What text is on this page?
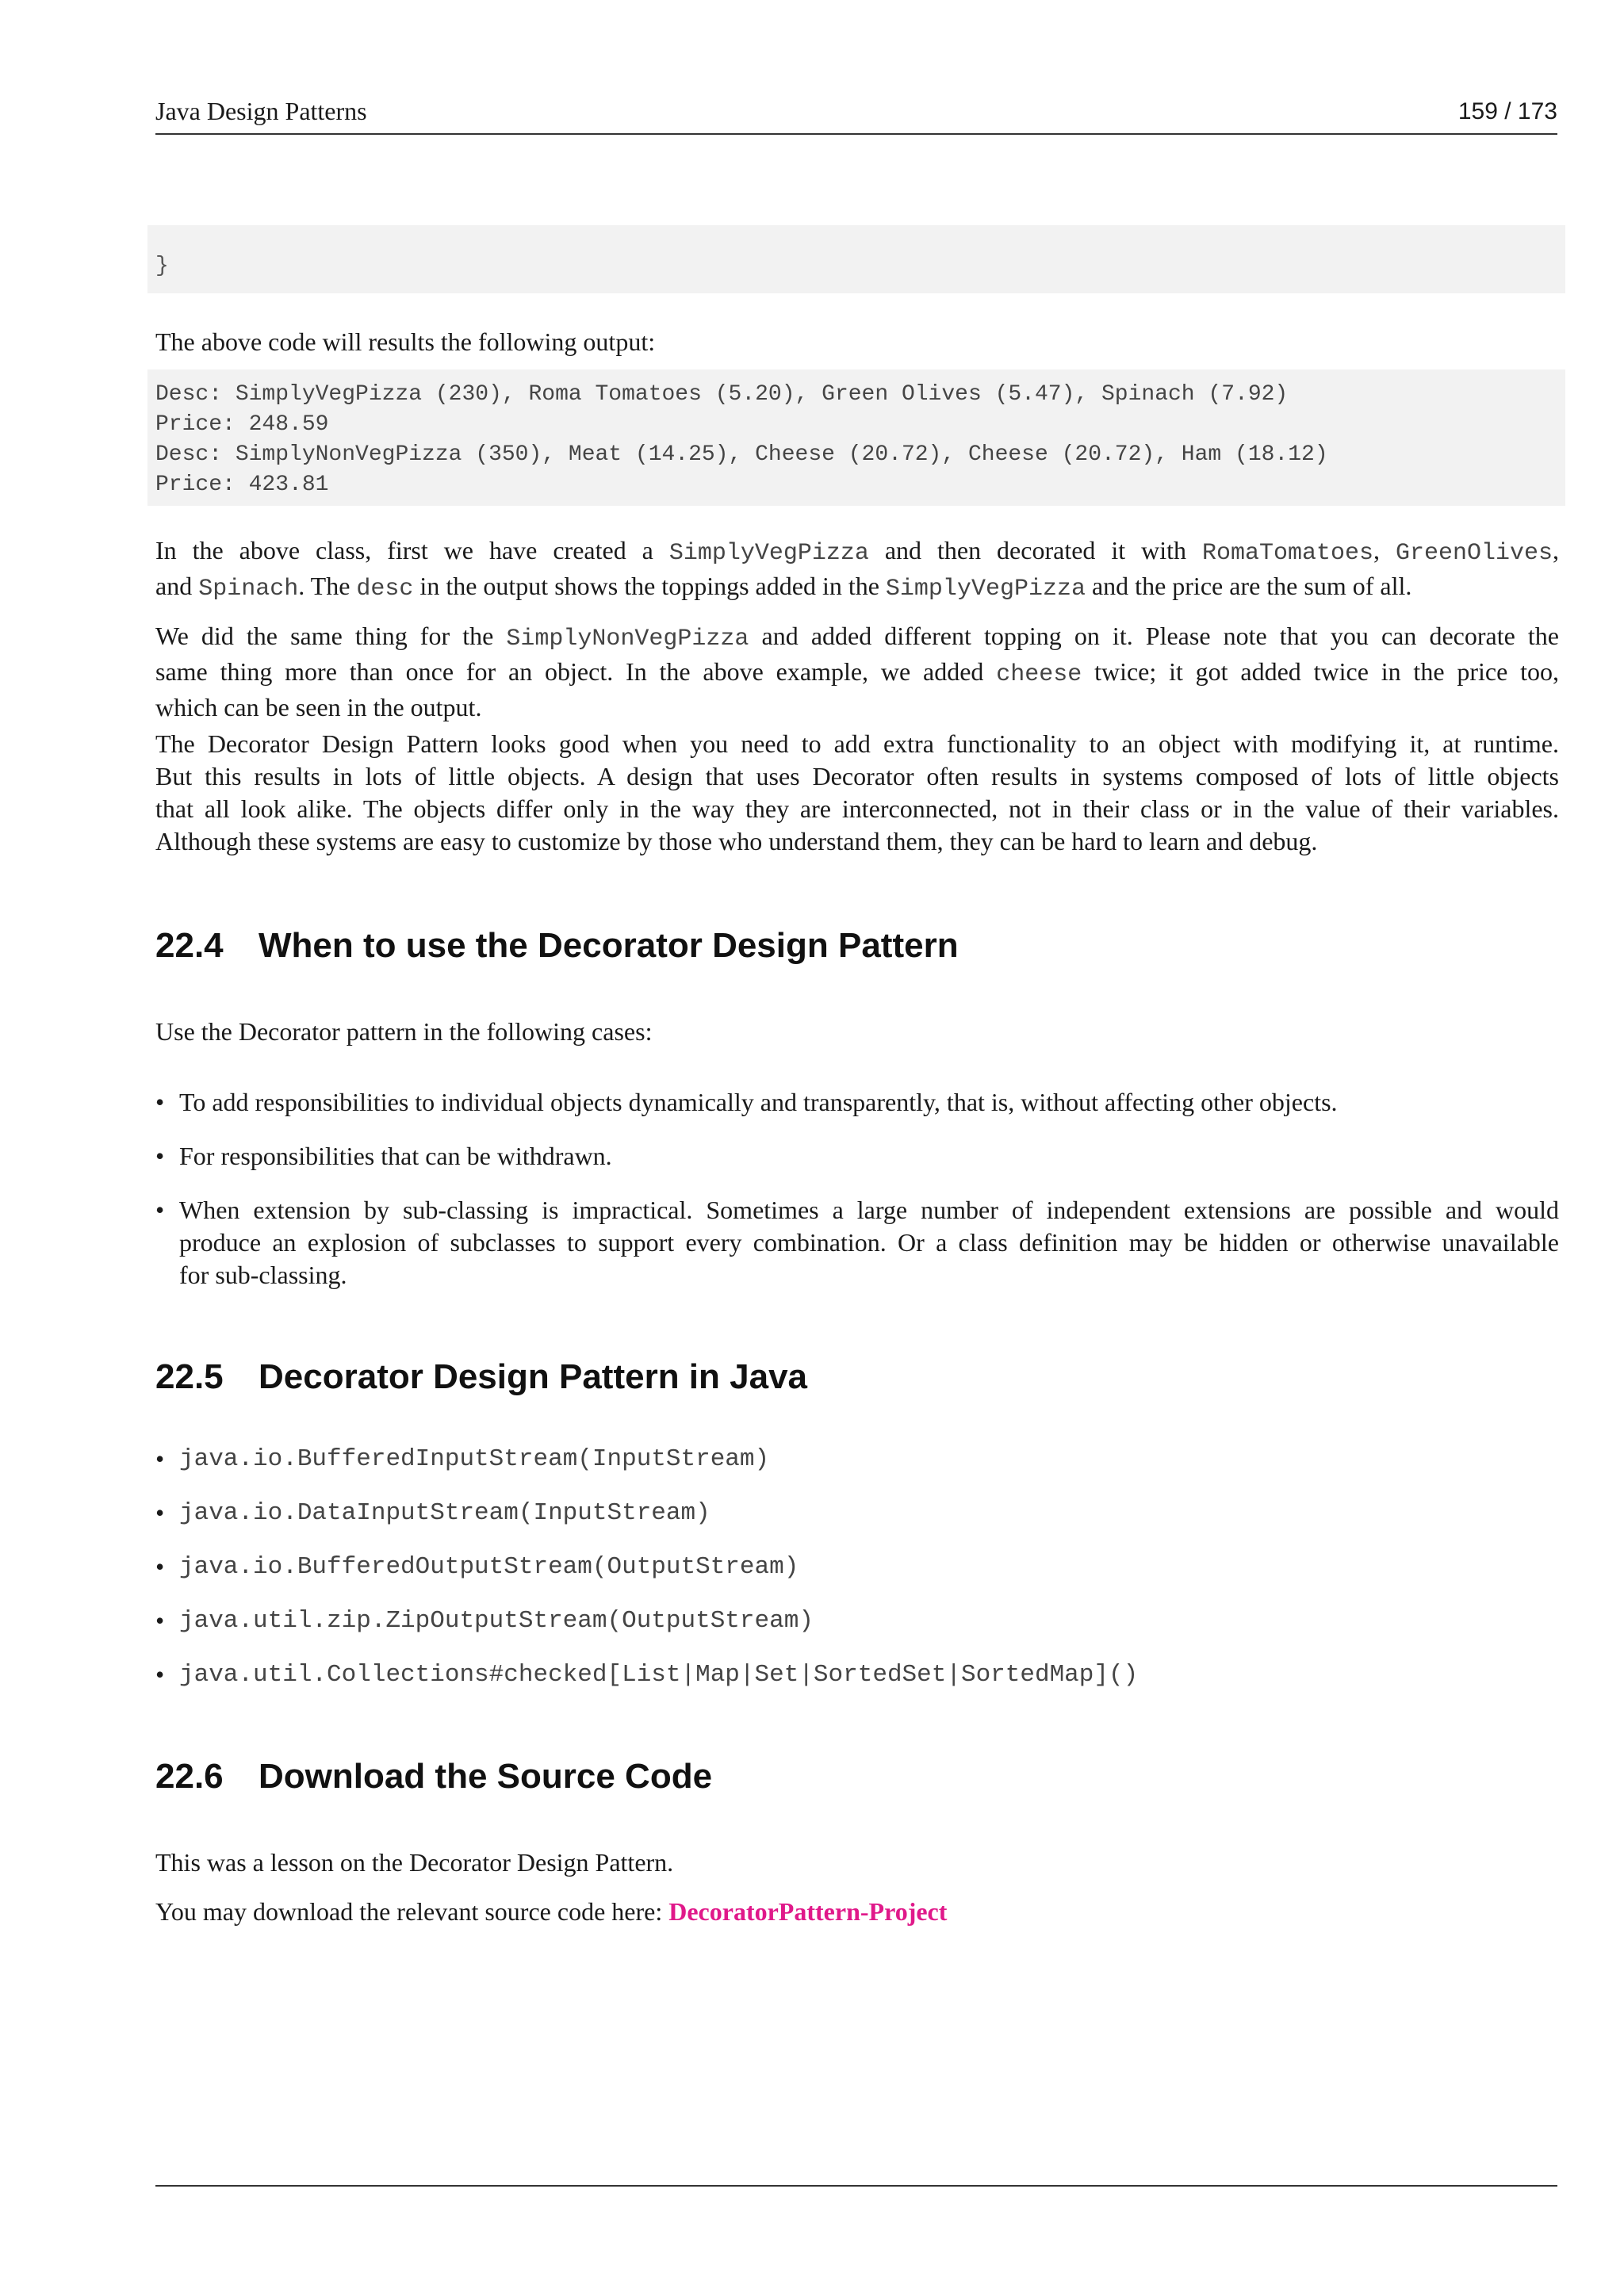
Java Design Patterns	159 / 173
}
The above code will results the following output:
Desc: SimplyVegPizza (230), Roma Tomatoes (5.20), Green Olives (5.47), Spinach (7.92)
Price: 248.59
Desc: SimplyNonVegPizza (350), Meat (14.25), Cheese (20.72), Cheese (20.72), Ham (18.12)
Price: 423.81
In the above class, first we have created a SimplyVegPizza and then decorated it with RomaTomatoes, GreenOlives,
and Spinach. The desc in the output shows the toppings added in the SimplyVegPizza and the price are the sum of all.
We did the same thing for the SimplyNonVegPizza and added different topping on it. Please note that you can decorate the
same thing more than once for an object. In the above example, we added cheese twice; it got added twice in the price too,
which can be seen in the output.
The Decorator Design Pattern looks good when you need to add extra functionality to an object with modifying it, at runtime.
But this results in lots of little objects. A design that uses Decorator often results in systems composed of lots of little objects
that all look alike. The objects differ only in the way they are interconnected, not in their class or in the value of their variables.
Although these systems are easy to customize by those who understand them, they can be hard to learn and debug.
22.4 When to use the Decorator Design Pattern
Use the Decorator pattern in the following cases:
• To add responsibilities to individual objects dynamically and transparently, that is, without affecting other objects.
• For responsibilities that can be withdrawn.
• When extension by sub-classing is impractical. Sometimes a large number of independent extensions are possible and would
produce an explosion of subclasses to support every combination. Or a class definition may be hidden or otherwise unavailable
for sub-classing.
22.5 Decorator Design Pattern in Java
• java.io.BufferedInputStream(InputStream)
• java.io.DataInputStream(InputStream)
• java.io.BufferedOutputStream(OutputStream)
• java.util.zip.ZipOutputStream(OutputStream)
• java.util.Collections#checked[List|Map|Set|SortedSet|SortedMap]()
22.6 Download the Source Code
This was a lesson on the Decorator Design Pattern.
You may download the relevant source code here: DecoratorPattern-Project
